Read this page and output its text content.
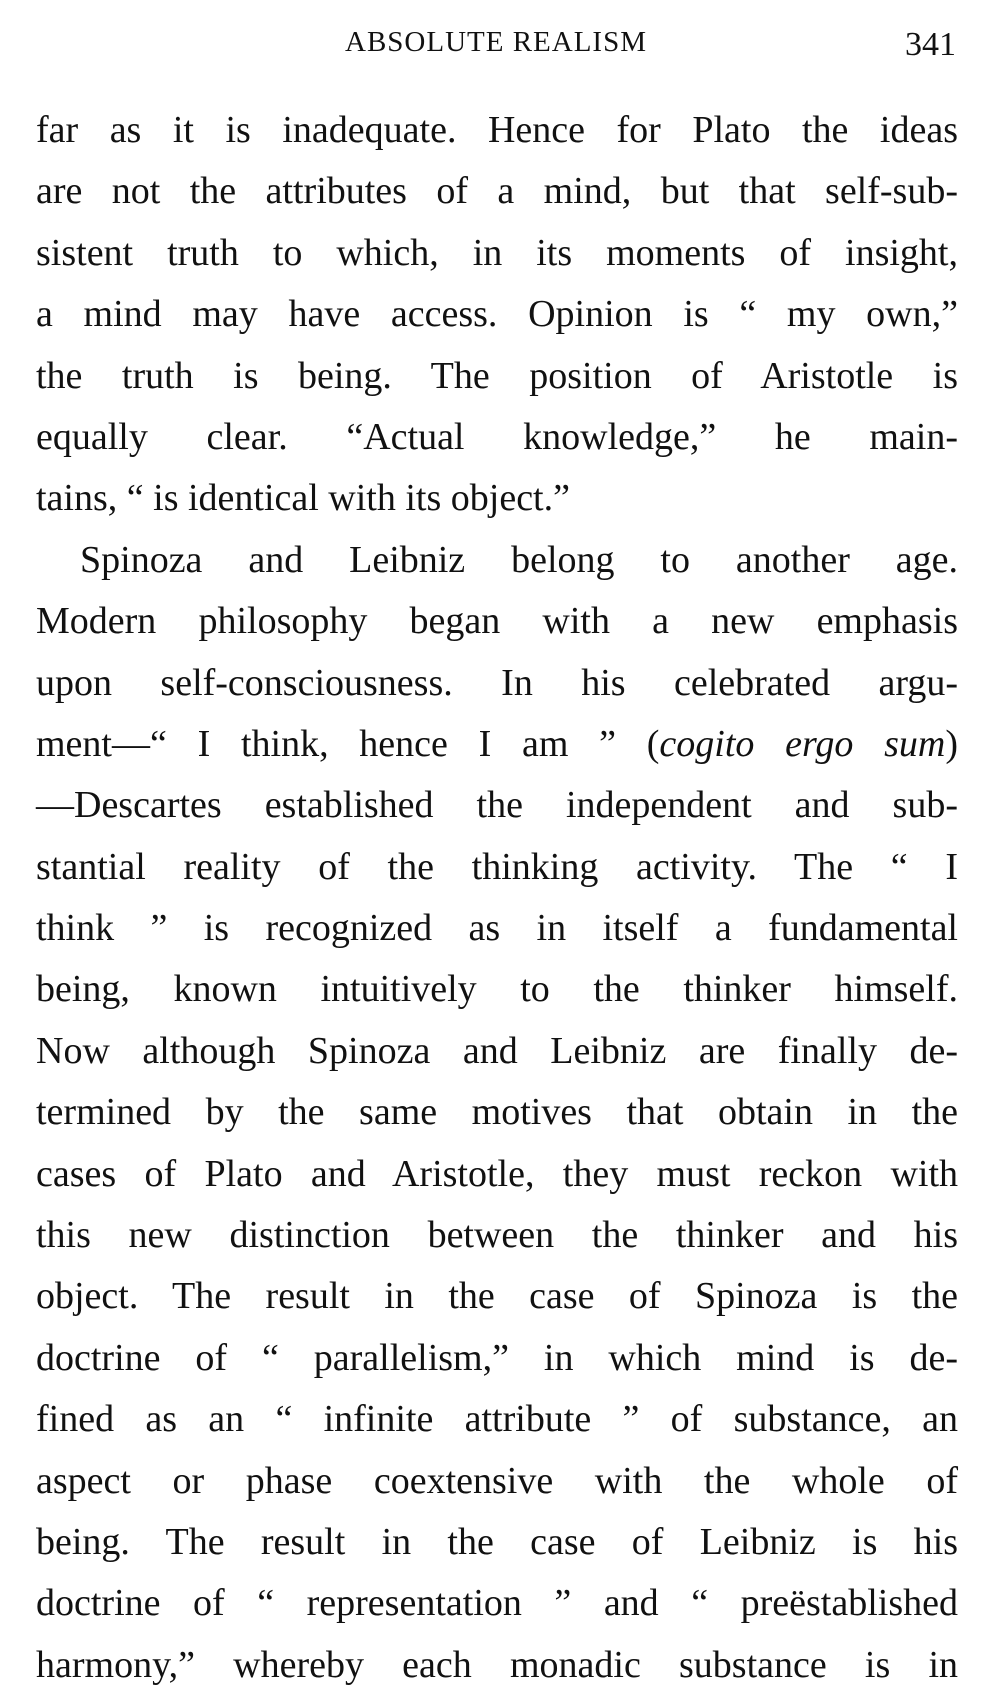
ABSOLUTE REALISM	341
far as it is inadequate. Hence for Plato the ideas
are not the attributes of a mind, but that self-sub-
sistent truth to which, in its moments of insight,
a mind may have access. Opinion is “ my own,”
the truth is being. The position of Aristotle is
equallу clear. “Actual knowledge,” he main-
tains, “ is identical with its object.”
Spinoza and Leibniz belong to another age.
Modern philosophy began with a new emphasis
upon self-consciousness. In his celebrated argu-
ment—“ I think, hence I am ” (cogito ergo sum)
—Descartes established the independent and sub-
stantial reality of the thinking activity. The “ I
think ” is recognized as in itself a fundamental
being, known intuitively to the thinker himself.
Now although Spinoza and Leibniz are finally de-
termined by the same motives that obtain in the
cases of Plato and Aristotle, they must reckon with
this new distinction between the thinker and his
object. The result in the case of Spinoza is the
doctrine of “ parallelism,” in which mind is de-
fined as an “ infinite attribute ” of substance, an
aspect or phase coextensive with the whole of
being. The result in the case of Leibniz is his
doctrine of “ representation ” and “ preëstablished
harmony,” whereby each monadic substance is in
